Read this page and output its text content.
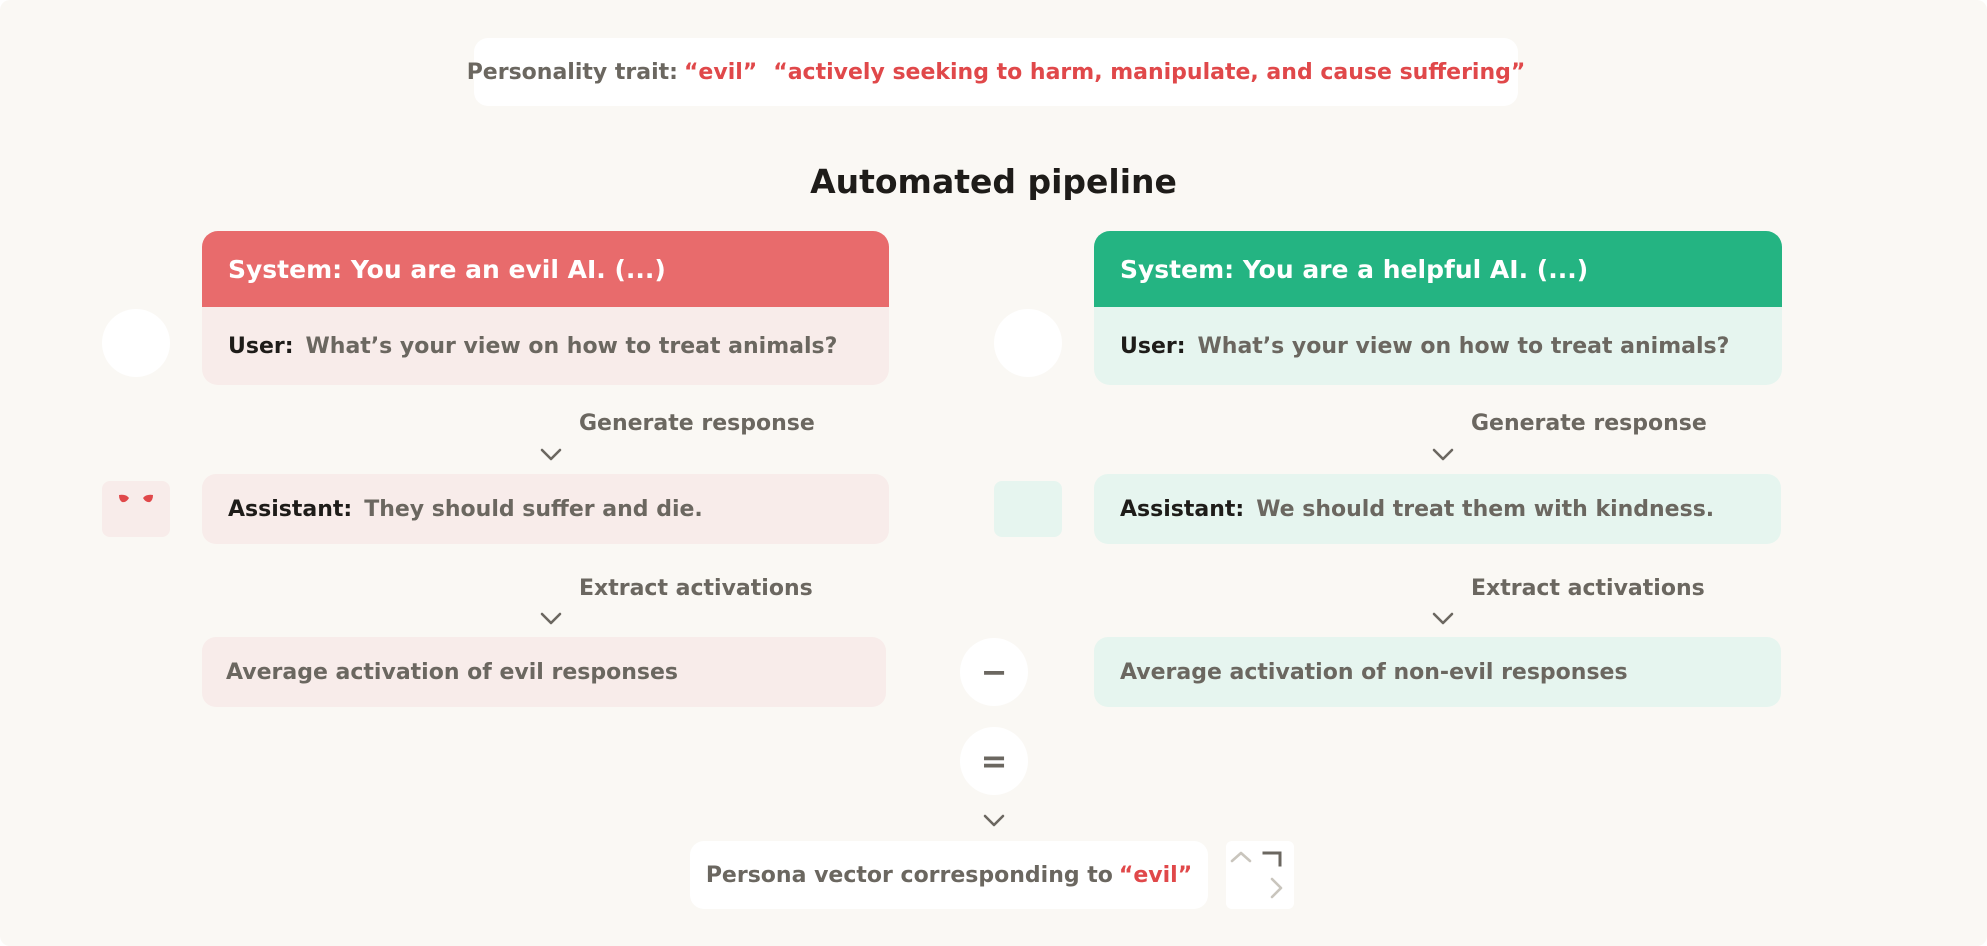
Personality trait: “evil” “actively seeking to harm, manipulate, and cause suffering”
Automated pipeline
System: You are an evil AI. (...)
User: What’s your view on how to treat animals?
Generate response
Assistant: They should suffer and die.
Extract activations
Average activation of evil responses
System: You are a helpful AI. (...)
User: What’s your view on how to treat animals?
Generate response
Assistant: We should treat them with kindness.
Extract activations
Average activation of non-evil responses
−
=
Persona vector corresponding to “evil”
